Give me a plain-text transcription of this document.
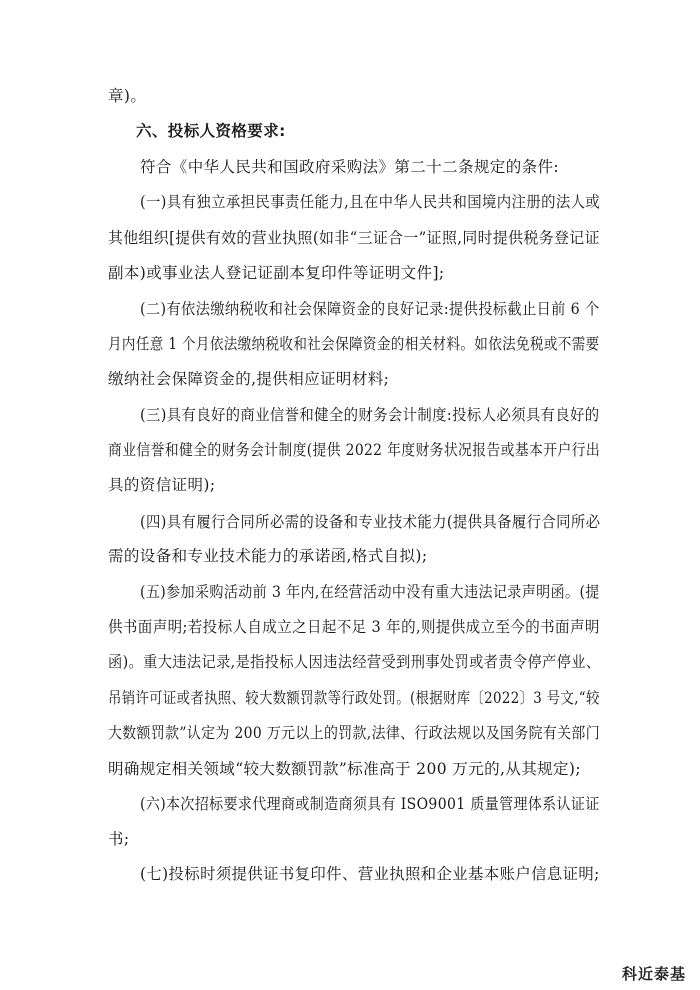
章)。
六、投标人资格要求:
符合《中华人民共和国政府采购法》第二十二条规定的条件:
(一)具有独立承担民事责任能力,且在中华人民共和国境内注册的法人或
其他组织[提供有效的营业执照(如非“三证合一”证照,同时提供税务登记证
副本)或事业法人登记证副本复印件等证明文件];
(二)有依法缴纳税收和社会保障资金的良好记录:提供投标截止日前 6 个
月内任意 1 个月依法缴纳税收和社会保障资金的相关材料。如依法免税或不需要
缴纳社会保障资金的,提供相应证明材料;
(三)具有良好的商业信誉和健全的财务会计制度:投标人必须具有良好的
商业信誉和健全的财务会计制度(提供 2022 年度财务状况报告或基本开户行出
具的资信证明);
(四)具有履行合同所必需的设备和专业技术能力(提供具备履行合同所必
需的设备和专业技术能力的承诺函,格式自拟);
(五)参加采购活动前 3 年内,在经营活动中没有重大违法记录声明函。(提
供书面声明;若投标人自成立之日起不足 3 年的,则提供成立至今的书面声明
函)。重大违法记录,是指投标人因违法经营受到刑事处罚或者责令停产停业、
吊销许可证或者执照、较大数额罚款等行政处罚。(根据财库〔2022〕3 号文,“较
大数额罚款”认定为 200 万元以上的罚款,法律、行政法规以及国务院有关部门
明确规定相关领域“较大数额罚款”标准高于 200 万元的,从其规定);
(六)本次招标要求代理商或制造商须具有 ISO9001 质量管理体系认证证
书;
(七)投标时须提供证书复印件、营业执照和企业基本账户信息证明;
科近泰基
